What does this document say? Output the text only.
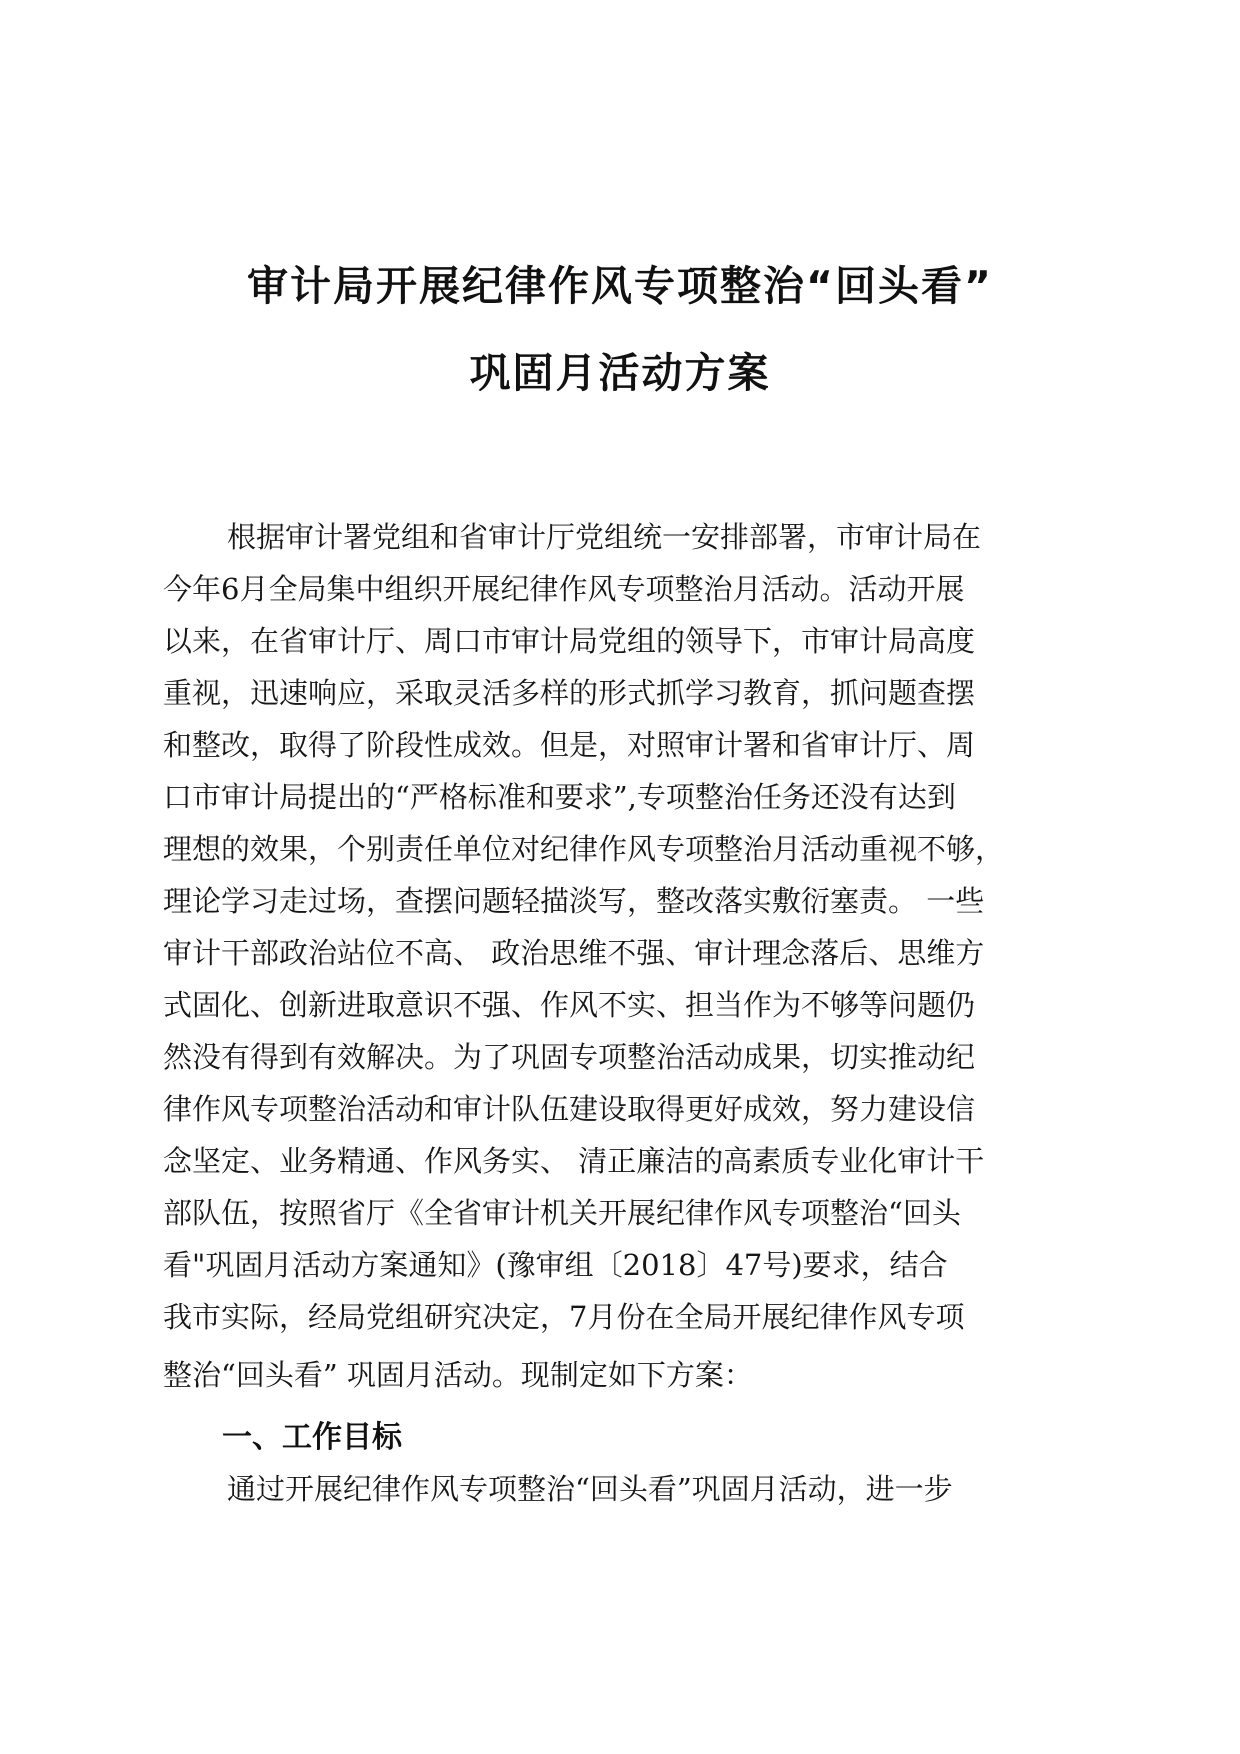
审计局开展纪律作风专项整治“回头看”
巩固月活动方案
根据审计署党组和省审计厅党组统一安排部署，市审计局在
今年6月全局集中组织开展纪律作风专项整治月活动。活动开展
以来，在省审计厅、周口市审计局党组的领导下，市审计局高度
重视，迅速响应，采取灵活多样的形式抓学习教育，抓问题查摆
和整改，取得了阶段性成效。但是，对照审计署和省审计厅、周
口市审计局提出的“严格标准和要求”,专项整治任务还没有达到
理想的效果，个别责任单位对纪律作风专项整治月活动重视不够，
理论学习走过场，查摆问题轻描淡写，整改落实敷衍塞责。 一些
审计干部政治站位不高、 政治思维不强、审计理念落后、思维方
式固化、创新进取意识不强、作风不实、担当作为不够等问题仍
然没有得到有效解决。为了巩固专项整治活动成果，切实推动纪
律作风专项整治活动和审计队伍建设取得更好成效，努力建设信
念坚定、业务精通、作风务实、 清正廉洁的高素质专业化审计干
部队伍，按照省厅《全省审计机关开展纪律作风专项整治“回头
看"巩固月活动方案通知》(豫审组〔2018〕47号)要求，结合
我市实际，经局党组研究决定，7月份在全局开展纪律作风专项
整治“回头看” 巩固月活动。现制定如下方案：
一、工作目标
通过开展纪律作风专项整治“回头看”巩固月活动，进一步
